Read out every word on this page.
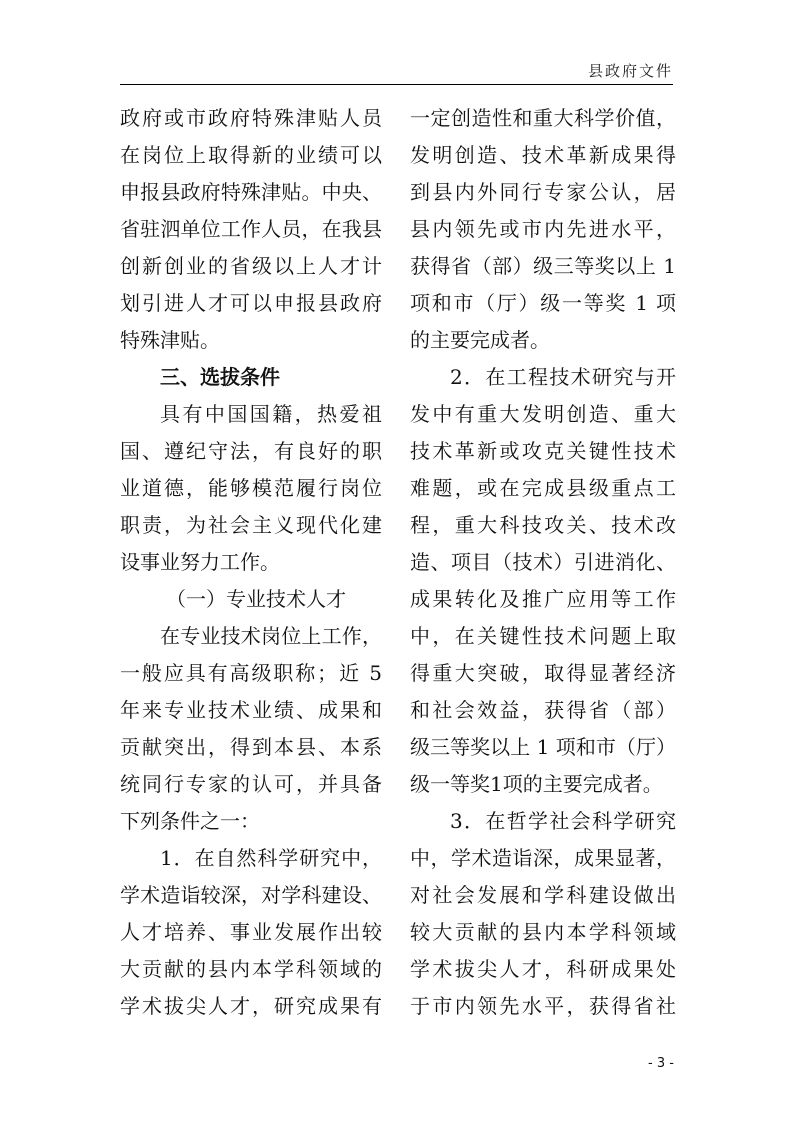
县政府文件
政府或市政府特殊津贴人员
在岗位上取得新的业绩可以
申报县政府特殊津贴。中央、
省驻泗单位工作人员，在我县
创新创业的省级以上人才计
划引进人才可以申报县政府
特殊津贴。
三、选拔条件
具有中国国籍，热爱祖
国、遵纪守法，有良好的职
业道德，能够模范履行岗位
职责，为社会主义现代化建
设事业努力工作。
（一）专业技术人才
在专业技术岗位上工作，
一般应具有高级职称；近 5
年来专业技术业绩、成果和
贡献突出，得到本县、本系
统同行专家的认可，并具备
下列条件之一：
1．在自然科学研究中，
学术造诣较深，对学科建设、
人才培养、事业发展作出较
大贡献的县内本学科领域的
学术拔尖人才，研究成果有
一定创造性和重大科学价值，
发明创造、技术革新成果得
到县内外同行专家公认，居
县内领先或市内先进水平，
获得省（部）级三等奖以上 1
项和市（厅）级一等奖 1 项
的主要完成者。
2．在工程技术研究与开
发中有重大发明创造、重大
技术革新或攻克关键性技术
难题，或在完成县级重点工
程，重大科技攻关、技术改
造、项目（技术）引进消化、
成果转化及推广应用等工作
中，在关键性技术问题上取
得重大突破，取得显著经济
和社会效益，获得省（部）
级三等奖以上 1 项和市（厅）
级一等奖1项的主要完成者。
3．在哲学社会科学研究
中，学术造诣深，成果显著，
对社会发展和学科建设做出
较大贡献的县内本学科领域
学术拔尖人才，科研成果处
于市内领先水平，获得省社
- 3 -
